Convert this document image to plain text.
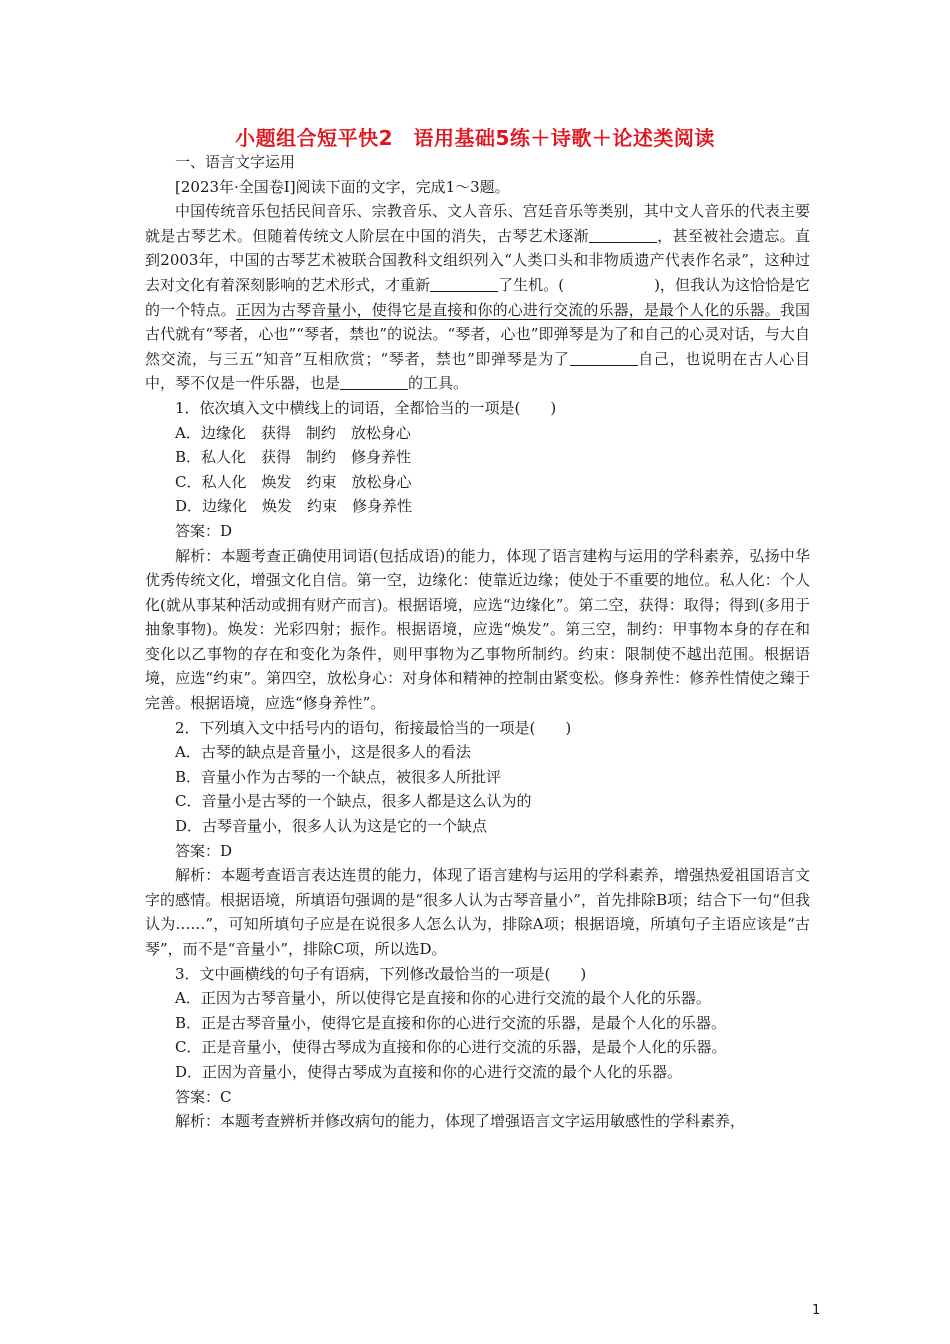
小题组合短平快2　语用基础5练＋诗歌＋论述类阅读

一、语言文字运用

[2023年·全国卷Ⅰ]阅读下面的文字，完成1～3题。

中国传统音乐包括民间音乐、宗教音乐、文人音乐、宫廷音乐等类别，其中文人音乐的代表主要就是古琴艺术。但随着传统文人阶层在中国的消失，古琴艺术逐渐	，甚至被社会遗忘。直到2003年，中国的古琴艺术被联合国教科文组织列入“人类口头和非物质遗产代表作名录”，这种过去对文化有着深刻影响的艺术形式，才重新	了生机。(	)，但我认为这恰恰是它的一个特点。正因为古琴音量小，使得它是直接和你的心进行交流的乐器，是最个人化的乐器。我国古代就有“琴者，心也”“琴者，禁也”的说法。“琴者，心也”即弹琴是为了和自己的心灵对话，与大自然交流，与三五“知音”互相欣赏；“琴者，禁也”即弹琴是为了	自己，也说明在古人心目中，琴不仅是一件乐器，也是	的工具。

1．依次填入文中横线上的词语，全都恰当的一项是(　　)

A．边缘化　获得　制约　放松身心

B．私人化　获得　制约　修身养性

C．私人化　焕发　约束　放松身心

D．边缘化　焕发　约束　修身养性

答案：D

解析：本题考查正确使用词语(包括成语)的能力，体现了语言建构与运用的学科素养，弘扬中华优秀传统文化，增强文化自信。第一空，边缘化：使靠近边缘；使处于不重要的地位。私人化：个人化(就从事某种活动或拥有财产而言)。根据语境，应选“边缘化”。第二空，获得：取得；得到(多用于抽象事物)。焕发：光彩四射；振作。根据语境，应选“焕发”。第三空，制约：甲事物本身的存在和变化以乙事物的存在和变化为条件，则甲事物为乙事物所制约。约束：限制使不越出范围。根据语境，应选“约束”。第四空，放松身心：对身体和精神的控制由紧变松。修身养性：修养性情使之臻于完善。根据语境，应选“修身养性”。

2．下列填入文中括号内的语句，衔接最恰当的一项是(　　)

A．古琴的缺点是音量小，这是很多人的看法

B．音量小作为古琴的一个缺点，被很多人所批评

C．音量小是古琴的一个缺点，很多人都是这么认为的

D．古琴音量小，很多人认为这是它的一个缺点

答案：D

解析：本题考查语言表达连贯的能力，体现了语言建构与运用的学科素养，增强热爱祖国语言文字的感情。根据语境，所填语句强调的是“很多人认为古琴音量小”，首先排除B项；结合下一句“但我认为……”，可知所填句子应是在说很多人怎么认为，排除A项；根据语境，所填句子主语应该是“古琴”，而不是“音量小”，排除C项，所以选D。

3．文中画横线的句子有语病，下列修改最恰当的一项是(　　)

A．正因为古琴音量小，所以使得它是直接和你的心进行交流的最个人化的乐器。

B．正是古琴音量小，使得它是直接和你的心进行交流的乐器，是最个人化的乐器。

C．正是音量小，使得古琴成为直接和你的心进行交流的乐器，是最个人化的乐器。

D．正因为音量小，使得古琴成为直接和你的心进行交流的最个人化的乐器。

答案：C

解析：本题考查辨析并修改病句的能力，体现了增强语言文字运用敏感性的学科素养，

1
